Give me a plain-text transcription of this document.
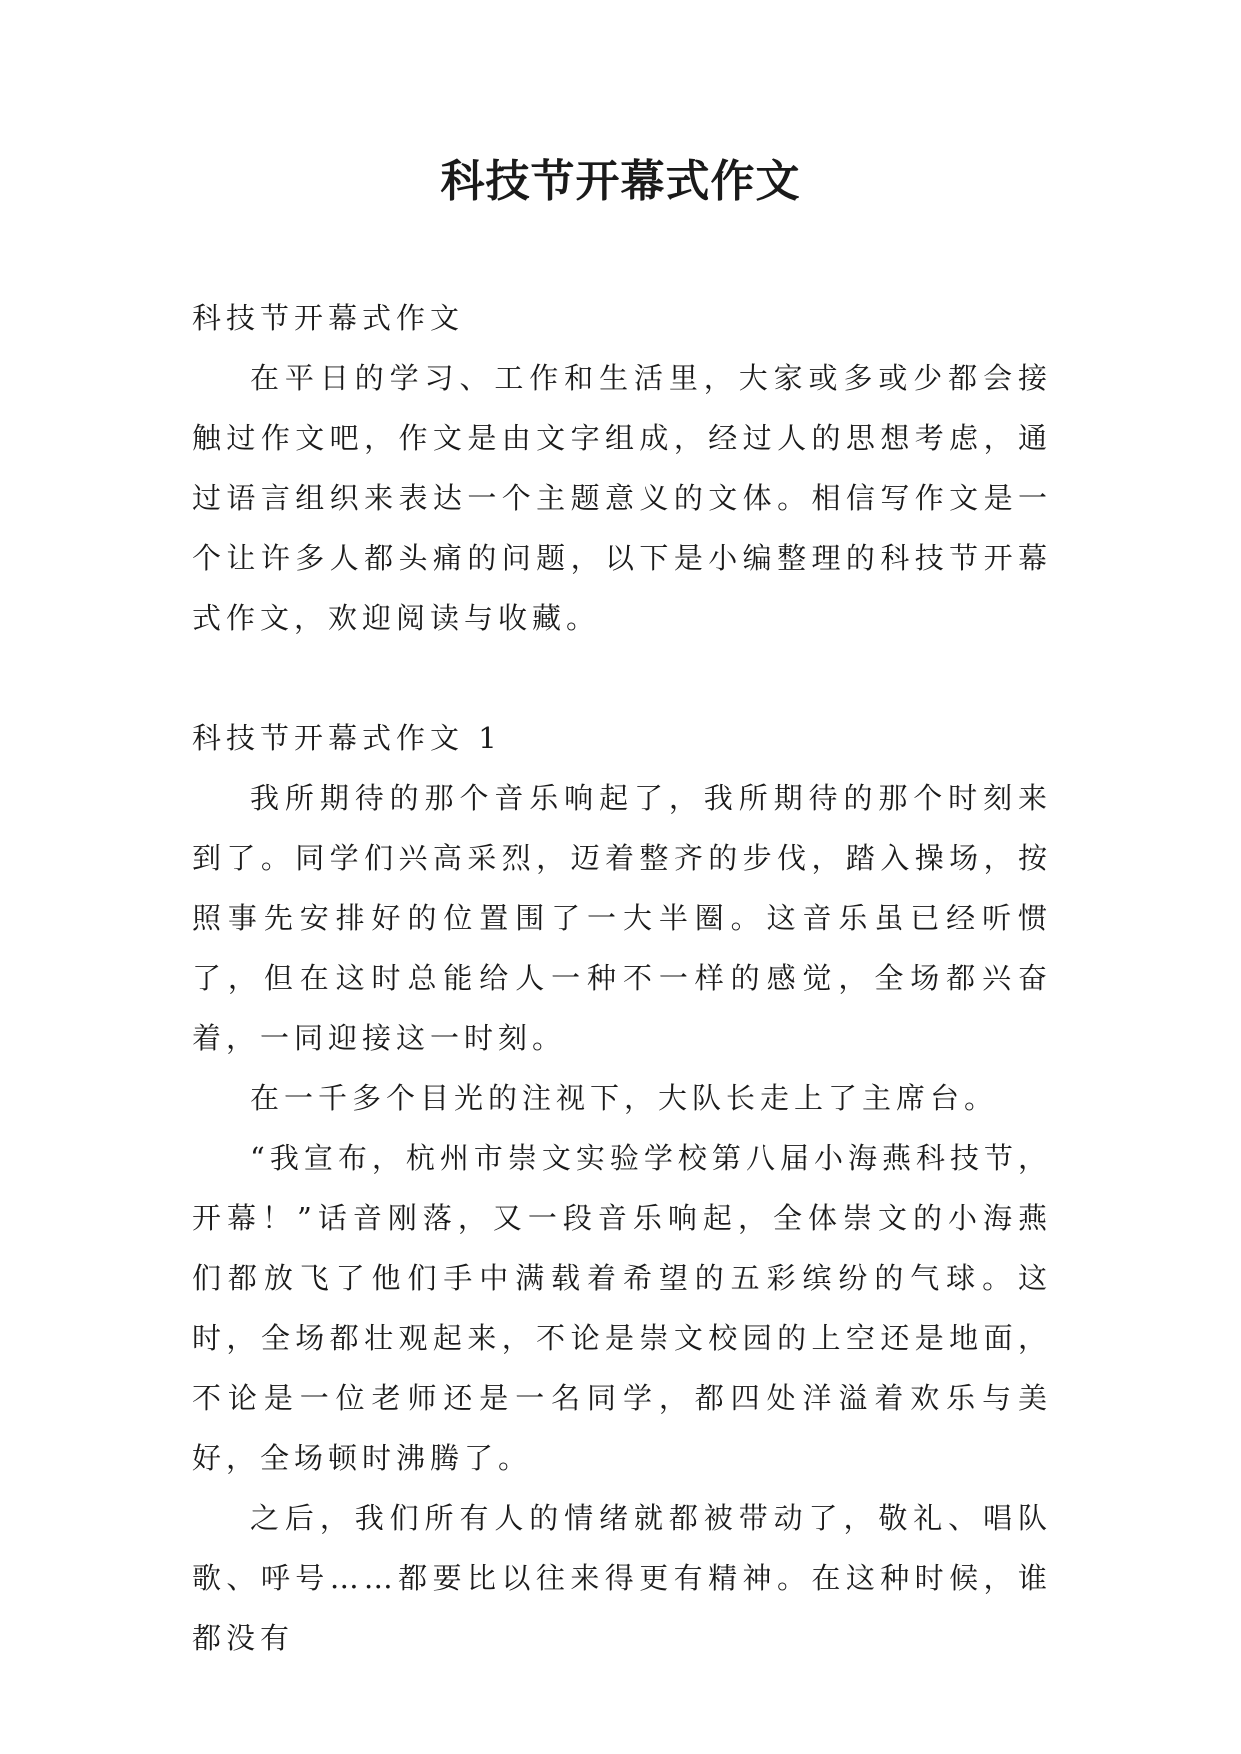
科技节开幕式作文

科技节开幕式作文

在平日的学习、工作和生活里，大家或多或少都会接触过作文吧，作文是由文字组成，经过人的思想考虑，通过语言组织来表达一个主题意义的文体。相信写作文是一个让许多人都头痛的问题，以下是小编整理的科技节开幕式作文，欢迎阅读与收藏。

科技节开幕式作文 1

我所期待的那个音乐响起了，我所期待的那个时刻来到了。同学们兴高采烈，迈着整齐的步伐，踏入操场，按照事先安排好的位置围了一大半圈。这音乐虽已经听惯了，但在这时总能给人一种不一样的感觉，全场都兴奋着，一同迎接这一时刻。

在一千多个目光的注视下，大队长走上了主席台。

“我宣布，杭州市崇文实验学校第八届小海燕科技节，开幕！”话音刚落，又一段音乐响起，全体崇文的小海燕们都放飞了他们手中满载着希望的五彩缤纷的气球。这时，全场都壮观起来，不论是崇文校园的上空还是地面，不论是一位老师还是一名同学，都四处洋溢着欢乐与美好，全场顿时沸腾了。

之后，我们所有人的情绪就都被带动了，敬礼、唱队歌、呼号……都要比以往来得更有精神。在这种时候，谁都没有
